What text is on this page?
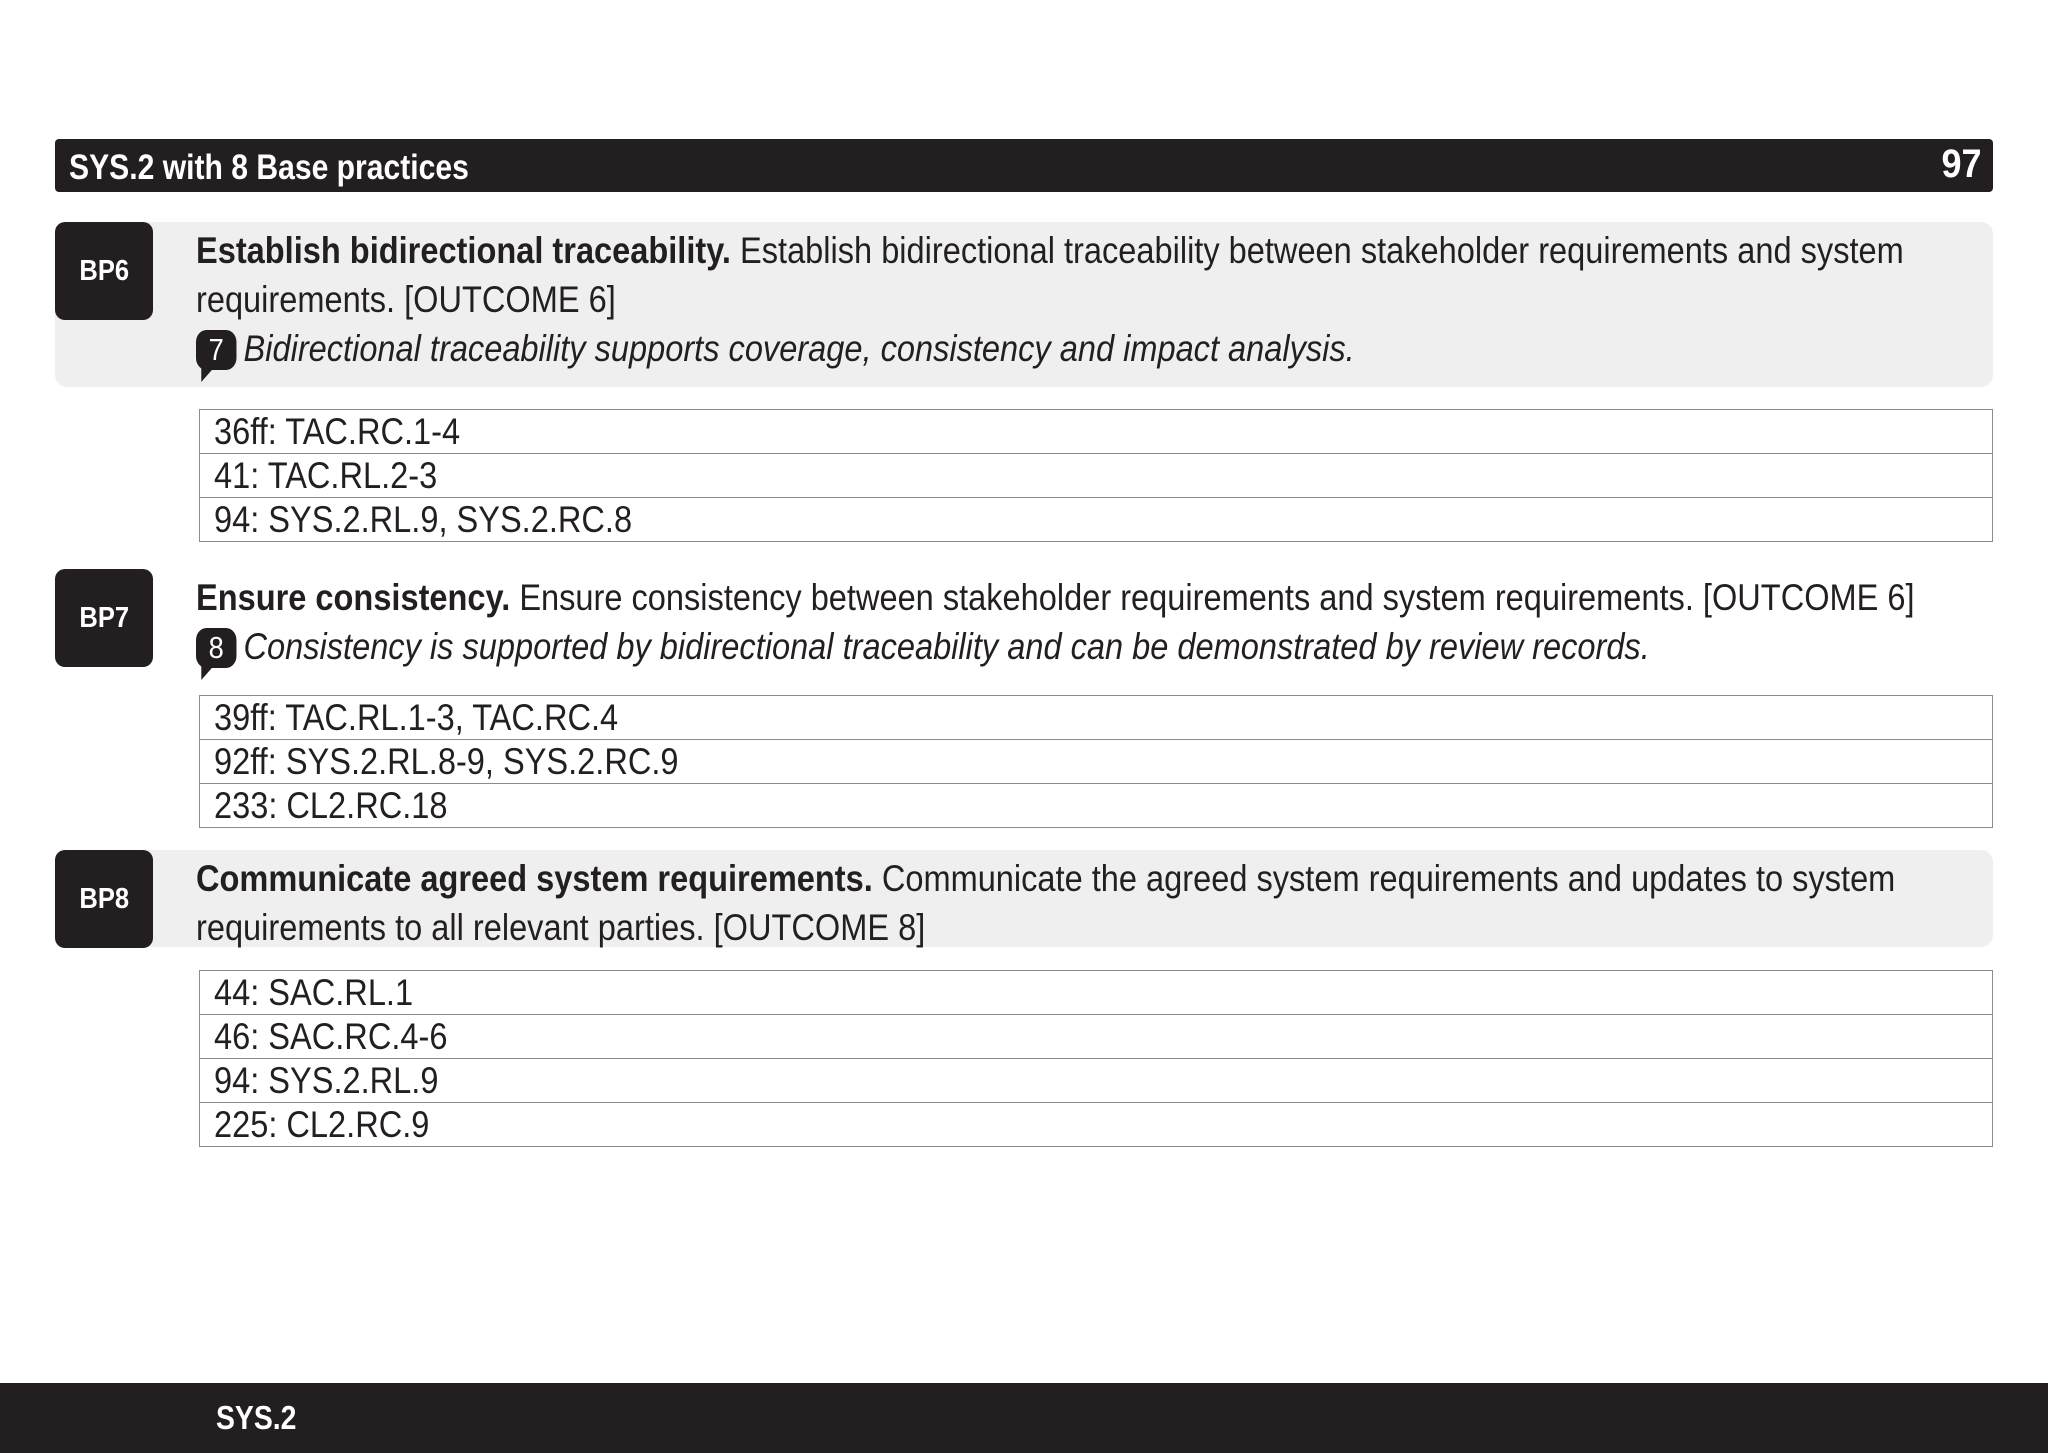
SYS.2 with 8 Base practices	97
BP6 Establish bidirectional traceability. Establish bidirectional traceability between stakeholder requirements and system
requirements. [OUTCOME 6]
7 Bidirectional traceability supports coverage, consistency and impact analysis.
36ff: TAC.RC.1-4
41: TAC.RL.2-3
94: SYS.2.RL.9, SYS.2.RC.8
BP7 Ensure consistency. Ensure consistency between stakeholder requirements and system requirements. [OUTCOME 6]
8 Consistency is supported by bidirectional traceability and can be demonstrated by review records.
39ff: TAC.RL.1-3, TAC.RC.4
92ff: SYS.2.RL.8-9, SYS.2.RC.9
233: CL2.RC.18
BP8 Communicate agreed system requirements. Communicate the agreed system requirements and updates to system
requirements to all relevant parties. [OUTCOME 8]
44: SAC.RL.1
46: SAC.RC.4-6
94: SYS.2.RL.9
225: CL2.RC.9
SYS.2
